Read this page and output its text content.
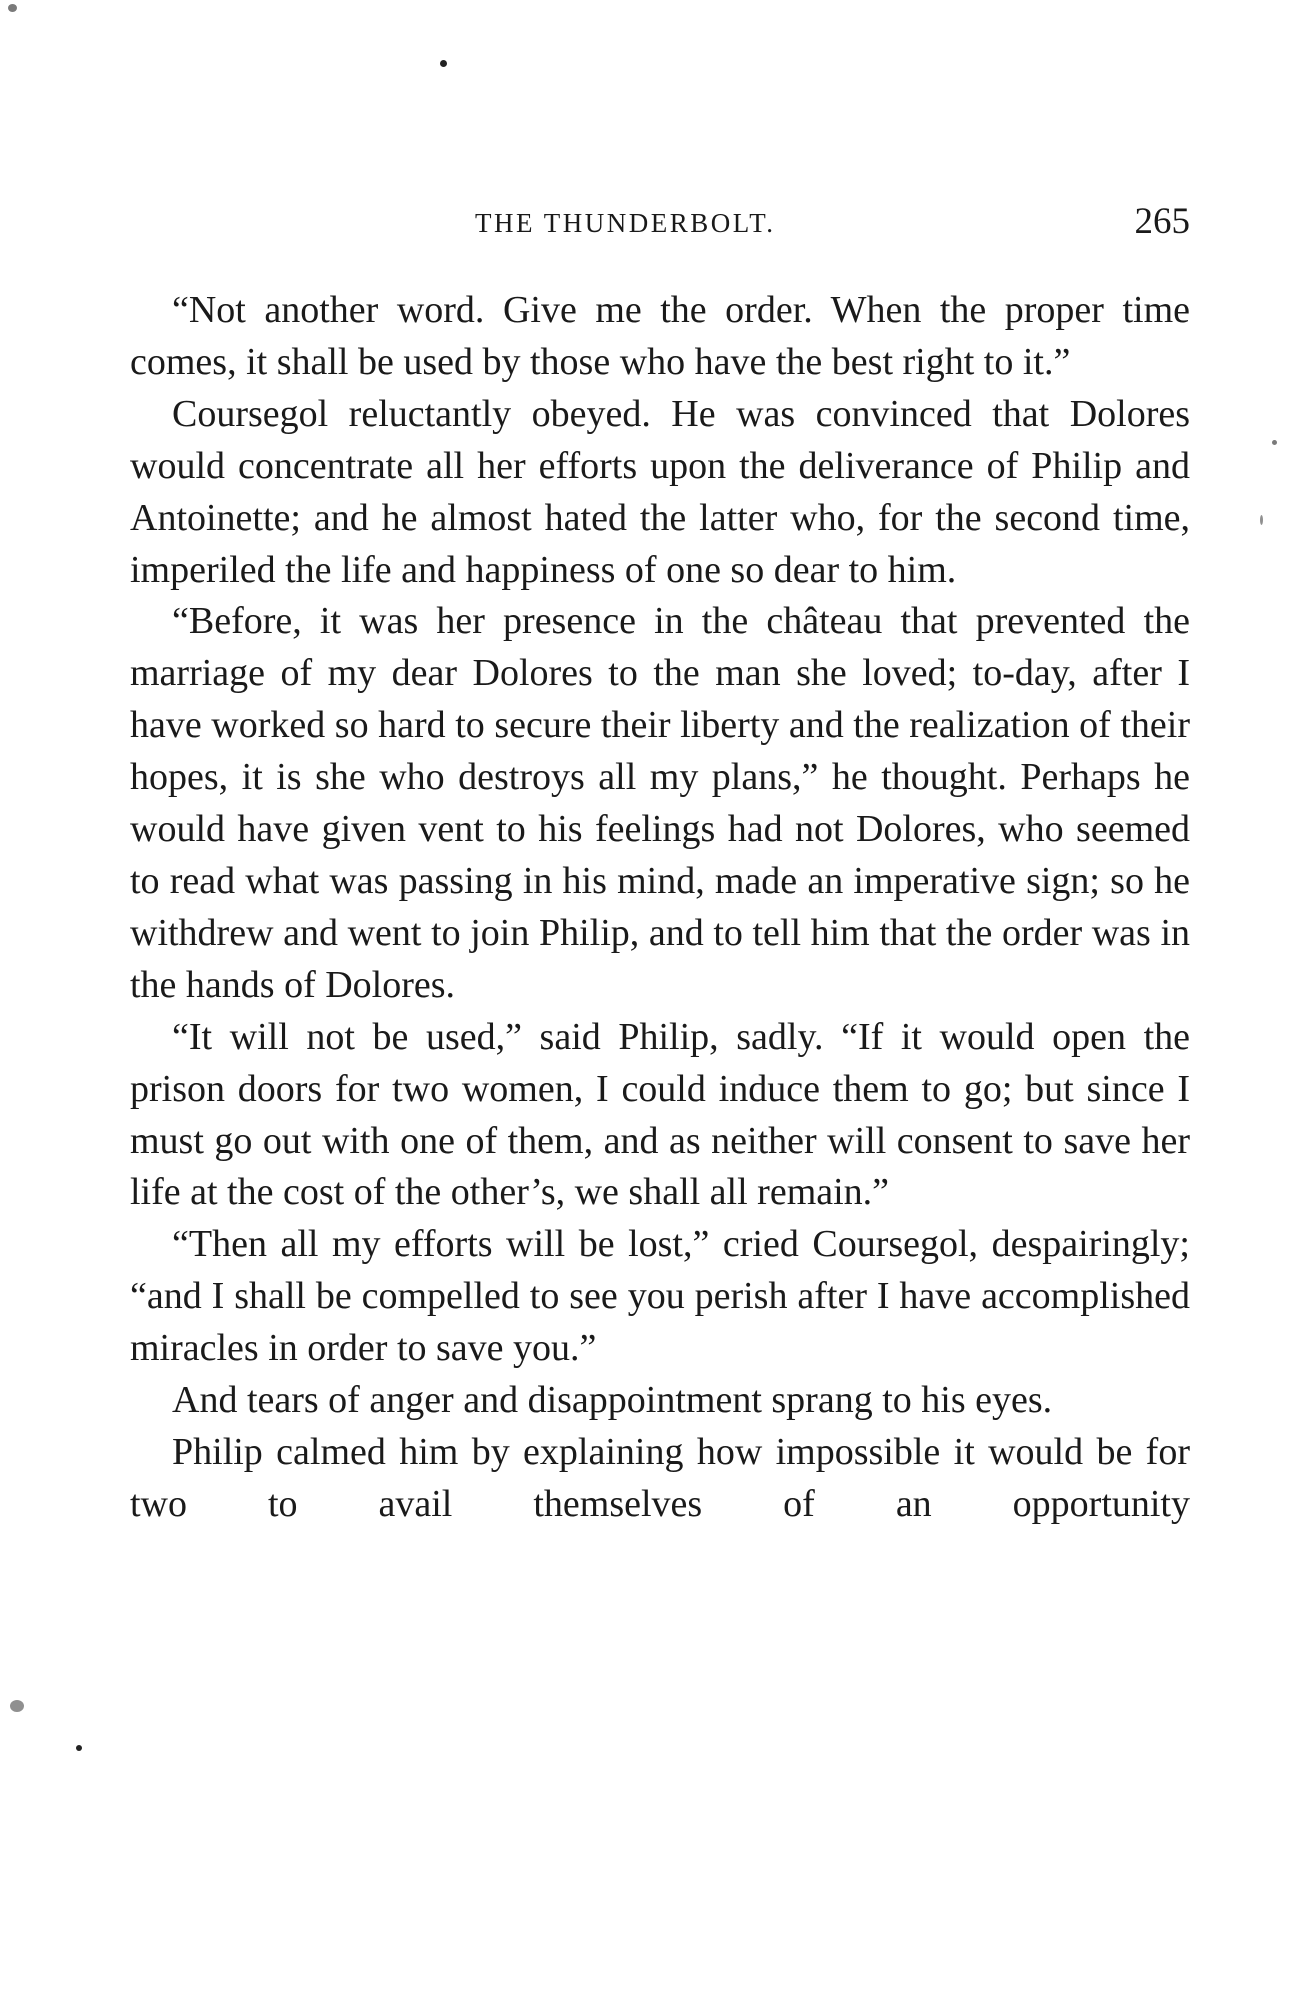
THE THUNDERBOLT.	265

“Not another word. Give me the order. When the proper time comes, it shall be used by those who have the best right to it.”

Coursegol reluctantly obeyed. He was convinced that Dolores would concentrate all her efforts upon the deliverance of Philip and Antoinette; and he almost hated the latter who, for the second time, imperiled the life and happiness of one so dear to him.

“Before, it was her presence in the château that prevented the marriage of my dear Dolores to the man she loved; to-day, after I have worked so hard to secure their liberty and the realization of their hopes, it is she who destroys all my plans,” he thought. Perhaps he would have given vent to his feelings had not Dolores, who seemed to read what was passing in his mind, made an imperative sign; so he withdrew and went to join Philip, and to tell him that the order was in the hands of Dolores.

“It will not be used,” said Philip, sadly. “If it would open the prison doors for two women, I could induce them to go; but since I must go out with one of them, and as neither will consent to save her life at the cost of the other’s, we shall all remain.”

“Then all my efforts will be lost,” cried Coursegol, despairingly; “and I shall be compelled to see you perish after I have accomplished miracles in order to save you.”

And tears of anger and disappointment sprang to his eyes.

Philip calmed him by explaining how impossible it would be for two to avail themselves of an opportunity
